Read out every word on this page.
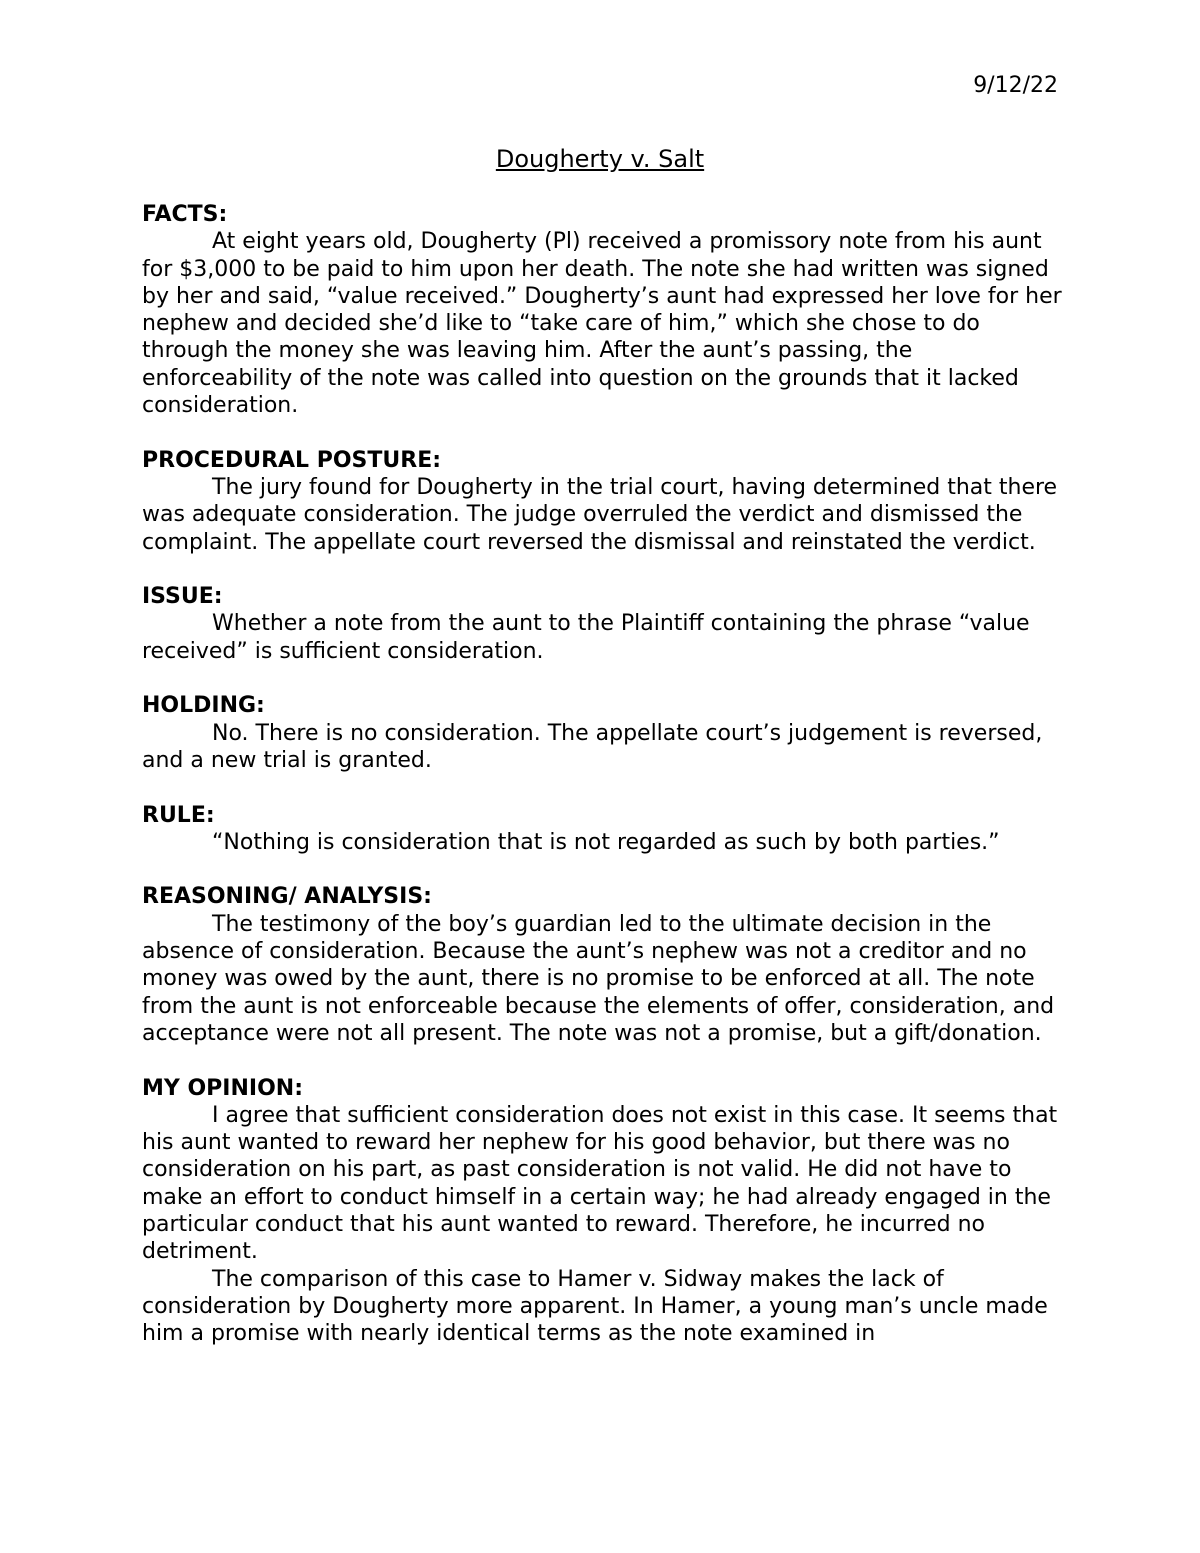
9/12/22
Dougherty v. Salt

FACTS:

At eight years old, Dougherty (Pl) received a promissory note from his aunt for $3,000 to be paid to him upon her death. The note she had written was signed by her and said, “value received.” Dougherty’s aunt had expressed her love for her nephew and decided she’d like to “take care of him,” which she chose to do through the money she was leaving him. After the aunt’s passing, the enforceability of the note was called into question on the grounds that it lacked consideration.

PROCEDURAL POSTURE:

The jury found for Dougherty in the trial court, having determined that there was adequate consideration. The judge overruled the verdict and dismissed the complaint. The appellate court reversed the dismissal and reinstated the verdict.

ISSUE:

Whether a note from the aunt to the Plaintiff containing the phrase “value received” is sufficient consideration.

HOLDING:

No. There is no consideration. The appellate court’s judgement is reversed, and a new trial is granted.

RULE:

“Nothing is consideration that is not regarded as such by both parties.”

REASONING/ ANALYSIS:

The testimony of the boy’s guardian led to the ultimate decision in the absence of consideration. Because the aunt’s nephew was not a creditor and no money was owed by the aunt, there is no promise to be enforced at all. The note from the aunt is not enforceable because the elements of offer, consideration, and acceptance were not all present. The note was not a promise, but a gift/donation.

MY OPINION:

I agree that sufficient consideration does not exist in this case. It seems that his aunt wanted to reward her nephew for his good behavior, but there was no consideration on his part, as past consideration is not valid. He did not have to make an effort to conduct himself in a certain way; he had already engaged in the particular conduct that his aunt wanted to reward. Therefore, he incurred no detriment.

The comparison of this case to Hamer v. Sidway makes the lack of consideration by Dougherty more apparent. In Hamer, a young man’s uncle made him a promise with nearly identical terms as the note examined in
